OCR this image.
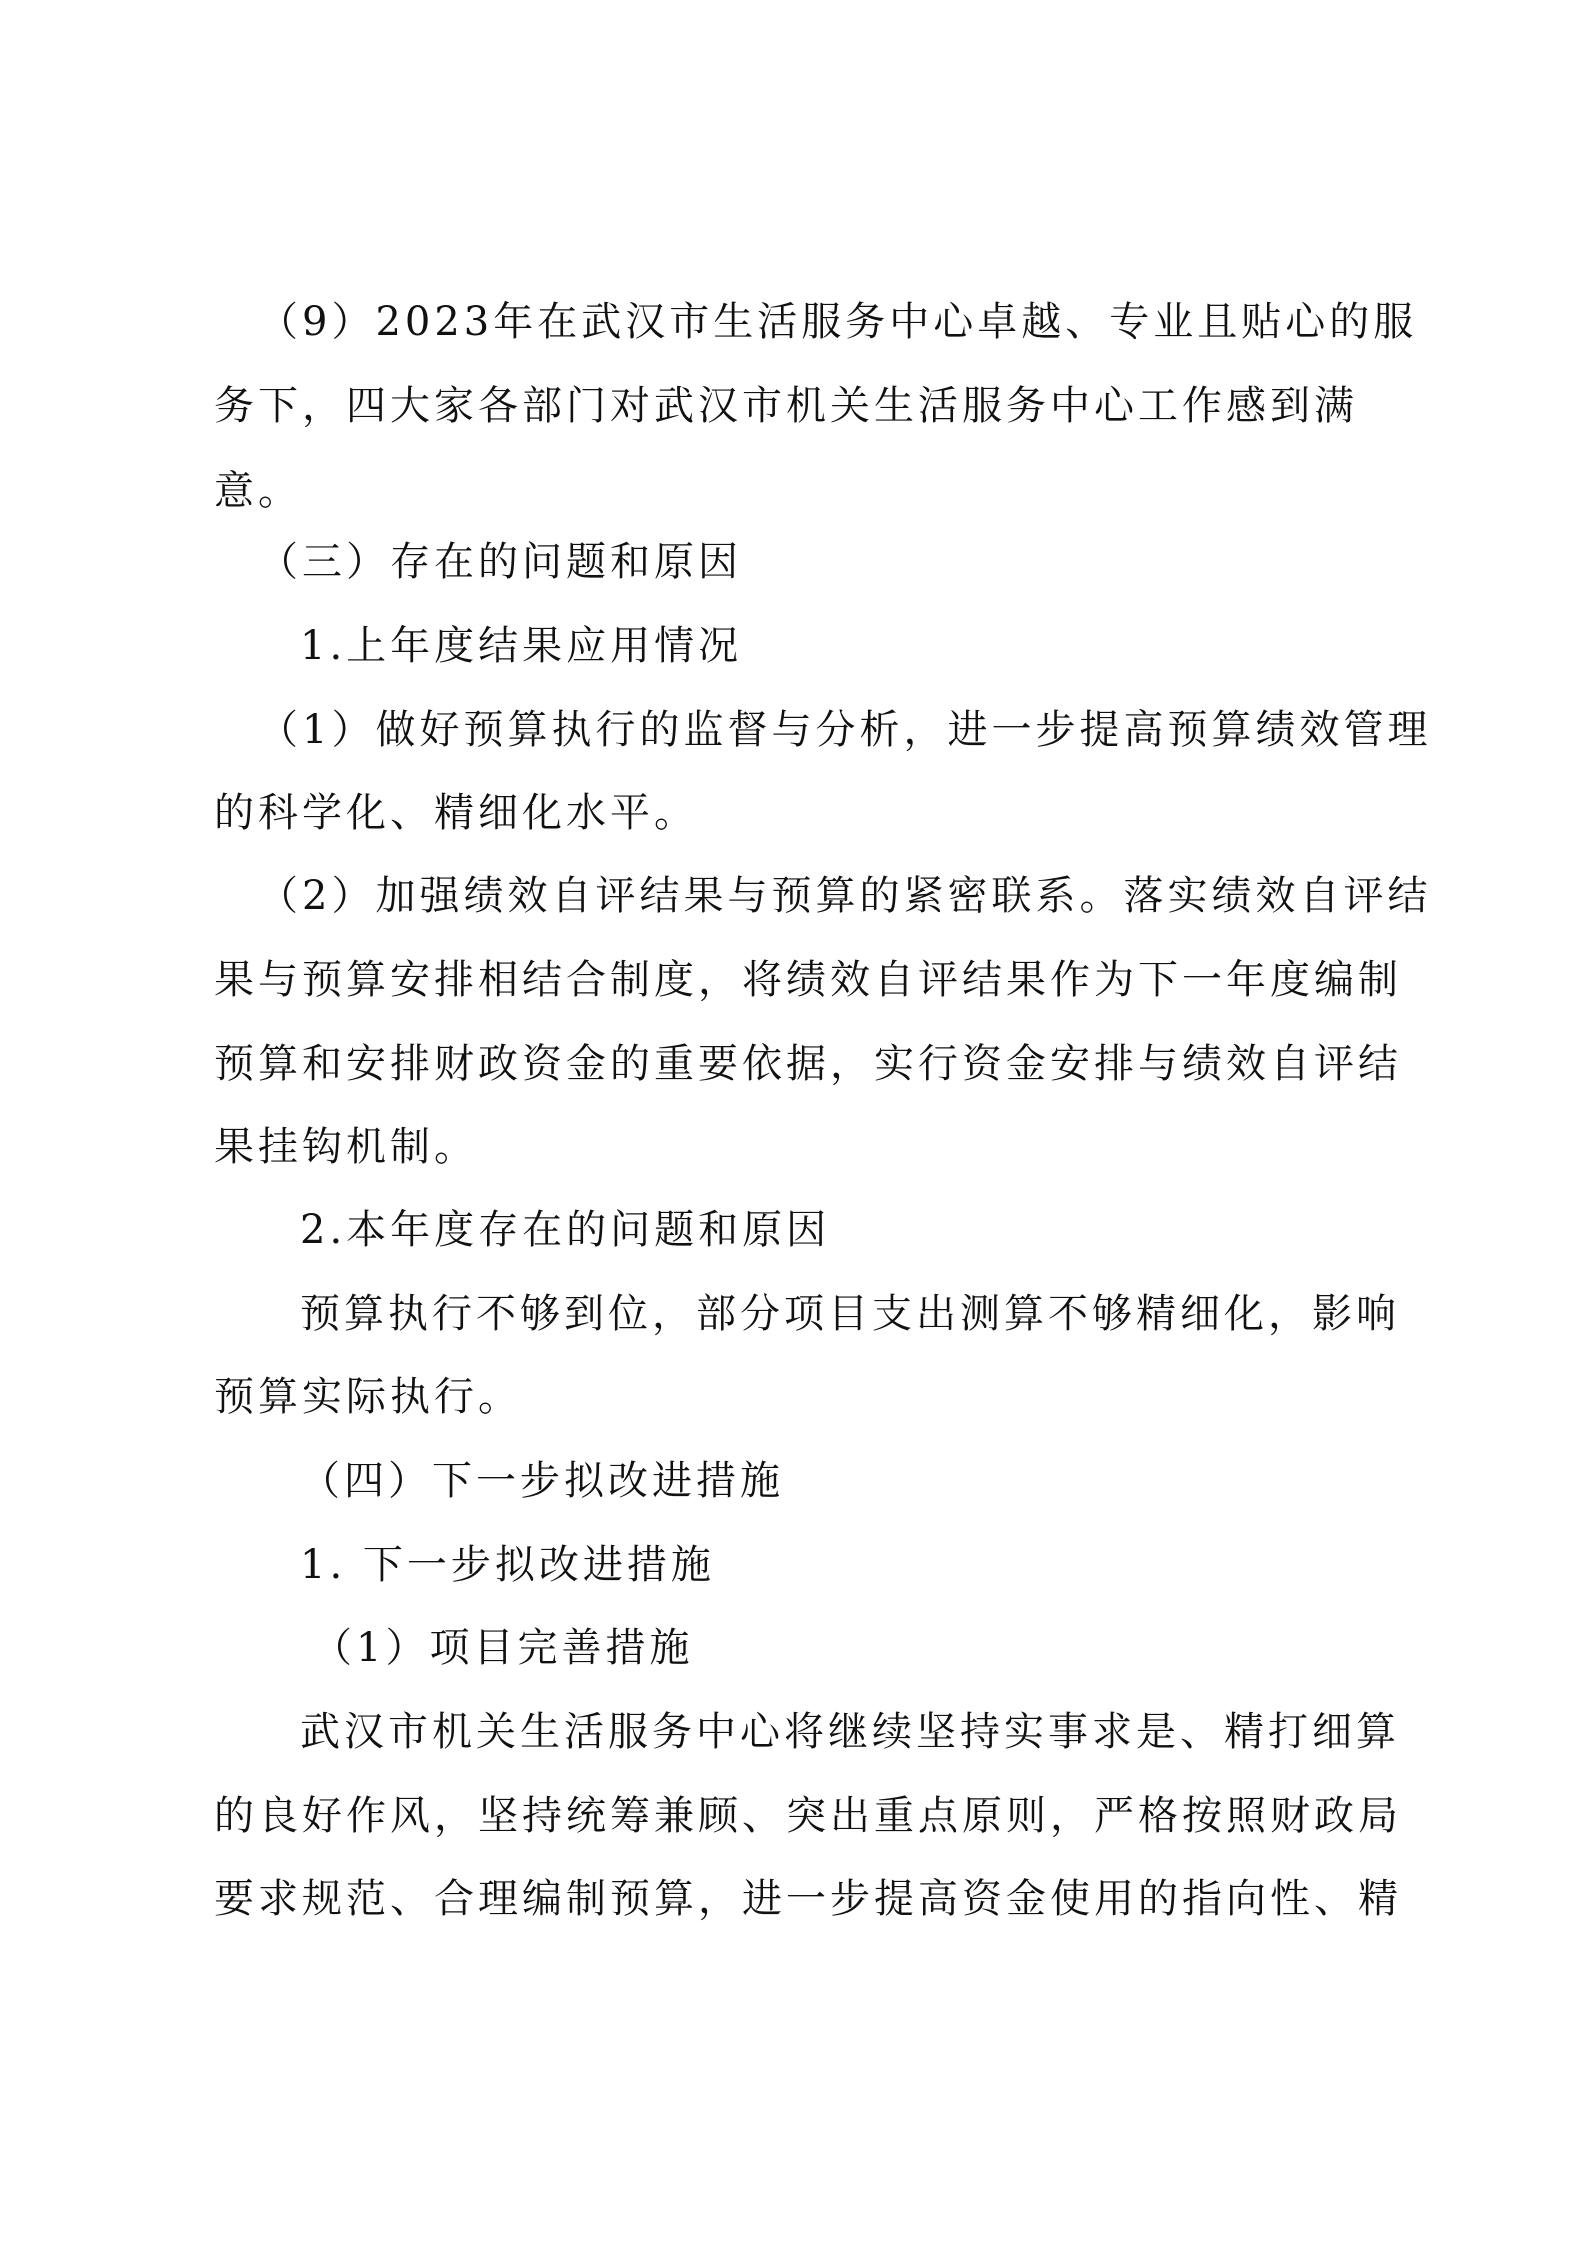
（9）2023年在武汉市生活服务中心卓越、专业且贴心的服
务下，四大家各部门对武汉市机关生活服务中心工作感到满
意。
（三）存在的问题和原因
1.上年度结果应用情况
（1）做好预算执行的监督与分析，进一步提高预算绩效管理
的科学化、精细化水平。
（2）加强绩效自评结果与预算的紧密联系。落实绩效自评结
果与预算安排相结合制度，将绩效自评结果作为下一年度编制
预算和安排财政资金的重要依据，实行资金安排与绩效自评结
果挂钩机制。
2.本年度存在的问题和原因
预算执行不够到位，部分项目支出测算不够精细化，影响
预算实际执行。
（四）下一步拟改进措施
1. 下一步拟改进措施
（1）项目完善措施
武汉市机关生活服务中心将继续坚持实事求是、精打细算
的良好作风，坚持统筹兼顾、突出重点原则，严格按照财政局
要求规范、合理编制预算，进一步提高资金使用的指向性、精
